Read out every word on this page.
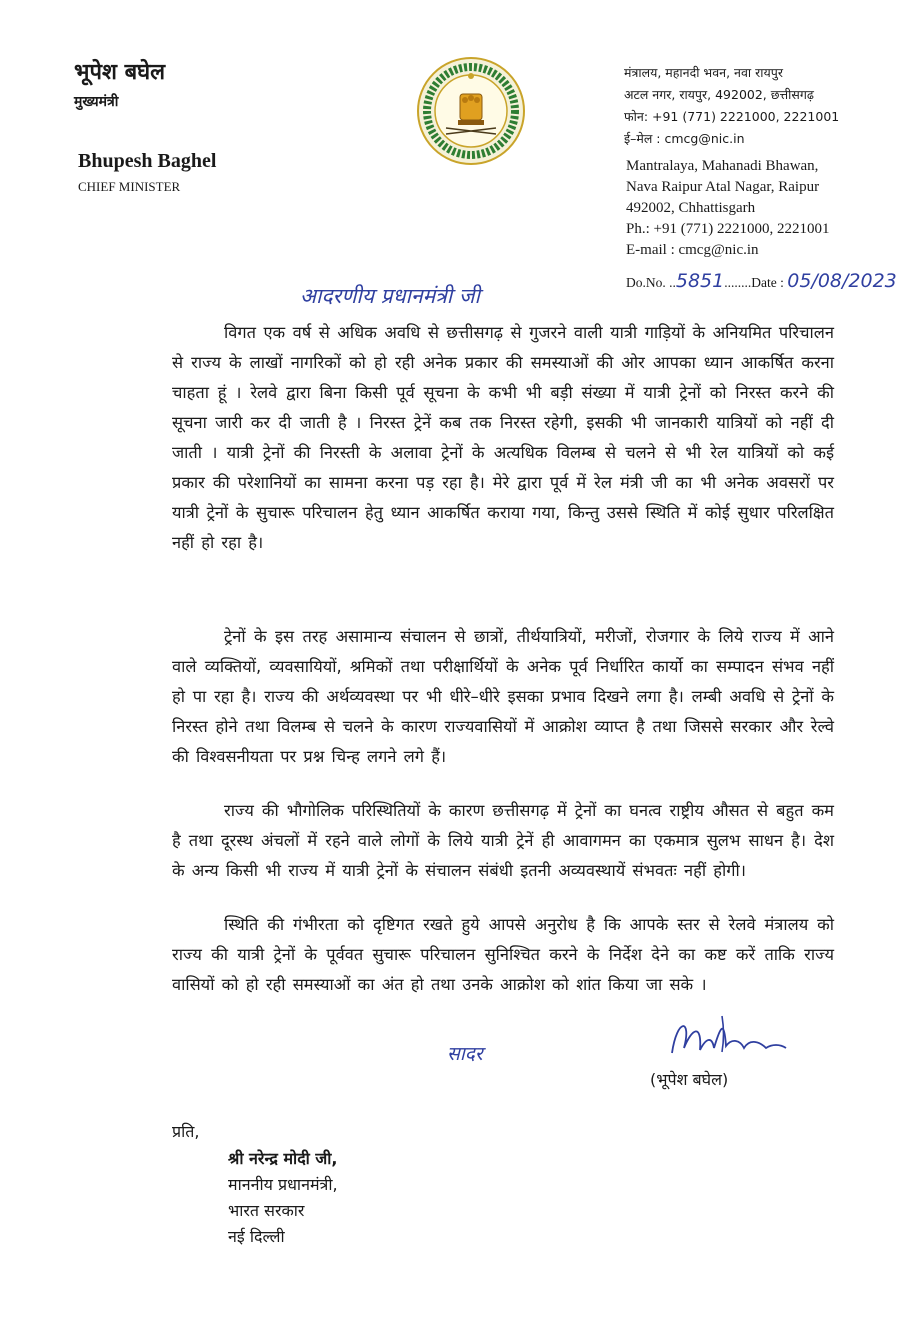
भूपेश बघेल
मुख्यमंत्री
Bhupesh Baghel
CHIEF MINISTER
मंत्रालय, महानदी भवन, नवा रायपुर
अटल नगर, रायपुर, 492002, छत्तीसगढ़
फोन: +91 (771) 2221000, 2221001
ई–मेल : cmcg@nic.in
Mantralaya, Mahanadi Bhawan,
Nava Raipur Atal Nagar, Raipur
492002, Chhattisgarh
Ph.: +91 (771) 2221000, 2221001
E-mail : cmcg@nic.in
Do.No. ..5851........Date : 05/08/2023
आदरणीय प्रधानमंत्री जी
विगत एक वर्ष से अधिक अवधि से छत्तीसगढ़ से गुजरने वाली यात्री गाड़ियों के अनियमित परिचालन से राज्य के लाखों नागरिकों को हो रही अनेक प्रकार की समस्याओं की ओर आपका ध्यान आकर्षित करना चाहता हूं । रेलवे द्वारा बिना किसी पूर्व सूचना के कभी भी बड़ी संख्या में यात्री ट्रेनों को निरस्त करने की सूचना जारी कर दी जाती है । निरस्त ट्रेनें कब तक निरस्त रहेगी, इसकी भी जानकारी यात्रियों को नहीं दी जाती । यात्री ट्रेनों की निरस्ती के अलावा ट्रेनों के अत्यधिक विलम्ब से चलने से भी रेल यात्रियों को कई प्रकार की परेशानियों का सामना करना पड़ रहा है। मेरे द्वारा पूर्व में रेल मंत्री जी का भी अनेक अवसरों पर यात्री ट्रेनों के सुचारू परिचालन हेतु ध्यान आकर्षित कराया गया, किन्तु उससे स्थिति में कोई सुधार परिलक्षित नहीं हो रहा है।
ट्रेनों के इस तरह असामान्य संचालन से छात्रों, तीर्थयात्रियों, मरीजों, रोजगार के लिये राज्य में आने वाले व्यक्तियों, व्यवसायियों, श्रमिकों तथा परीक्षार्थियों के अनेक पूर्व निर्धारित कार्यो का सम्पादन संभव नहीं हो पा रहा है। राज्य की अर्थव्यवस्था पर भी धीरे–धीरे इसका प्रभाव दिखने लगा है। लम्बी अवधि से ट्रेनों के निरस्त होने तथा विलम्ब से चलने के कारण राज्यवासियों में आक्रोश व्याप्त है तथा जिससे सरकार और रेल्वे की विश्वसनीयता पर प्रश्न चिन्ह लगने लगे हैं।
राज्य की भौगोलिक परिस्थितियों के कारण छत्तीसगढ़ में ट्रेनों का घनत्व राष्ट्रीय औसत से बहुत कम है तथा दूरस्थ अंचलों में रहने वाले लोगों के लिये यात्री ट्रेनें ही आवागमन का एकमात्र सुलभ साधन है। देश के अन्य किसी भी राज्य में यात्री ट्रेनों के संचालन संबंधी इतनी अव्यवस्थायें संभवतः नहीं होगी।
स्थिति की गंभीरता को दृष्टिगत रखते हुये आपसे अनुरोध है कि आपके स्तर से रेलवे मंत्रालय को राज्य की यात्री ट्रेनों के पूर्ववत सुचारू परिचालन सुनिश्चित करने के निर्देश देने का कष्ट करें ताकि राज्य वासियों को हो रही समस्याओं का अंत हो तथा उनके आक्रोश को शांत किया जा सके ।
सादर
(भूपेश बघेल)
प्रति,
श्री नरेन्द्र मोदी जी,
माननीय प्रधानमंत्री,
भारत सरकार
नई दिल्ली
